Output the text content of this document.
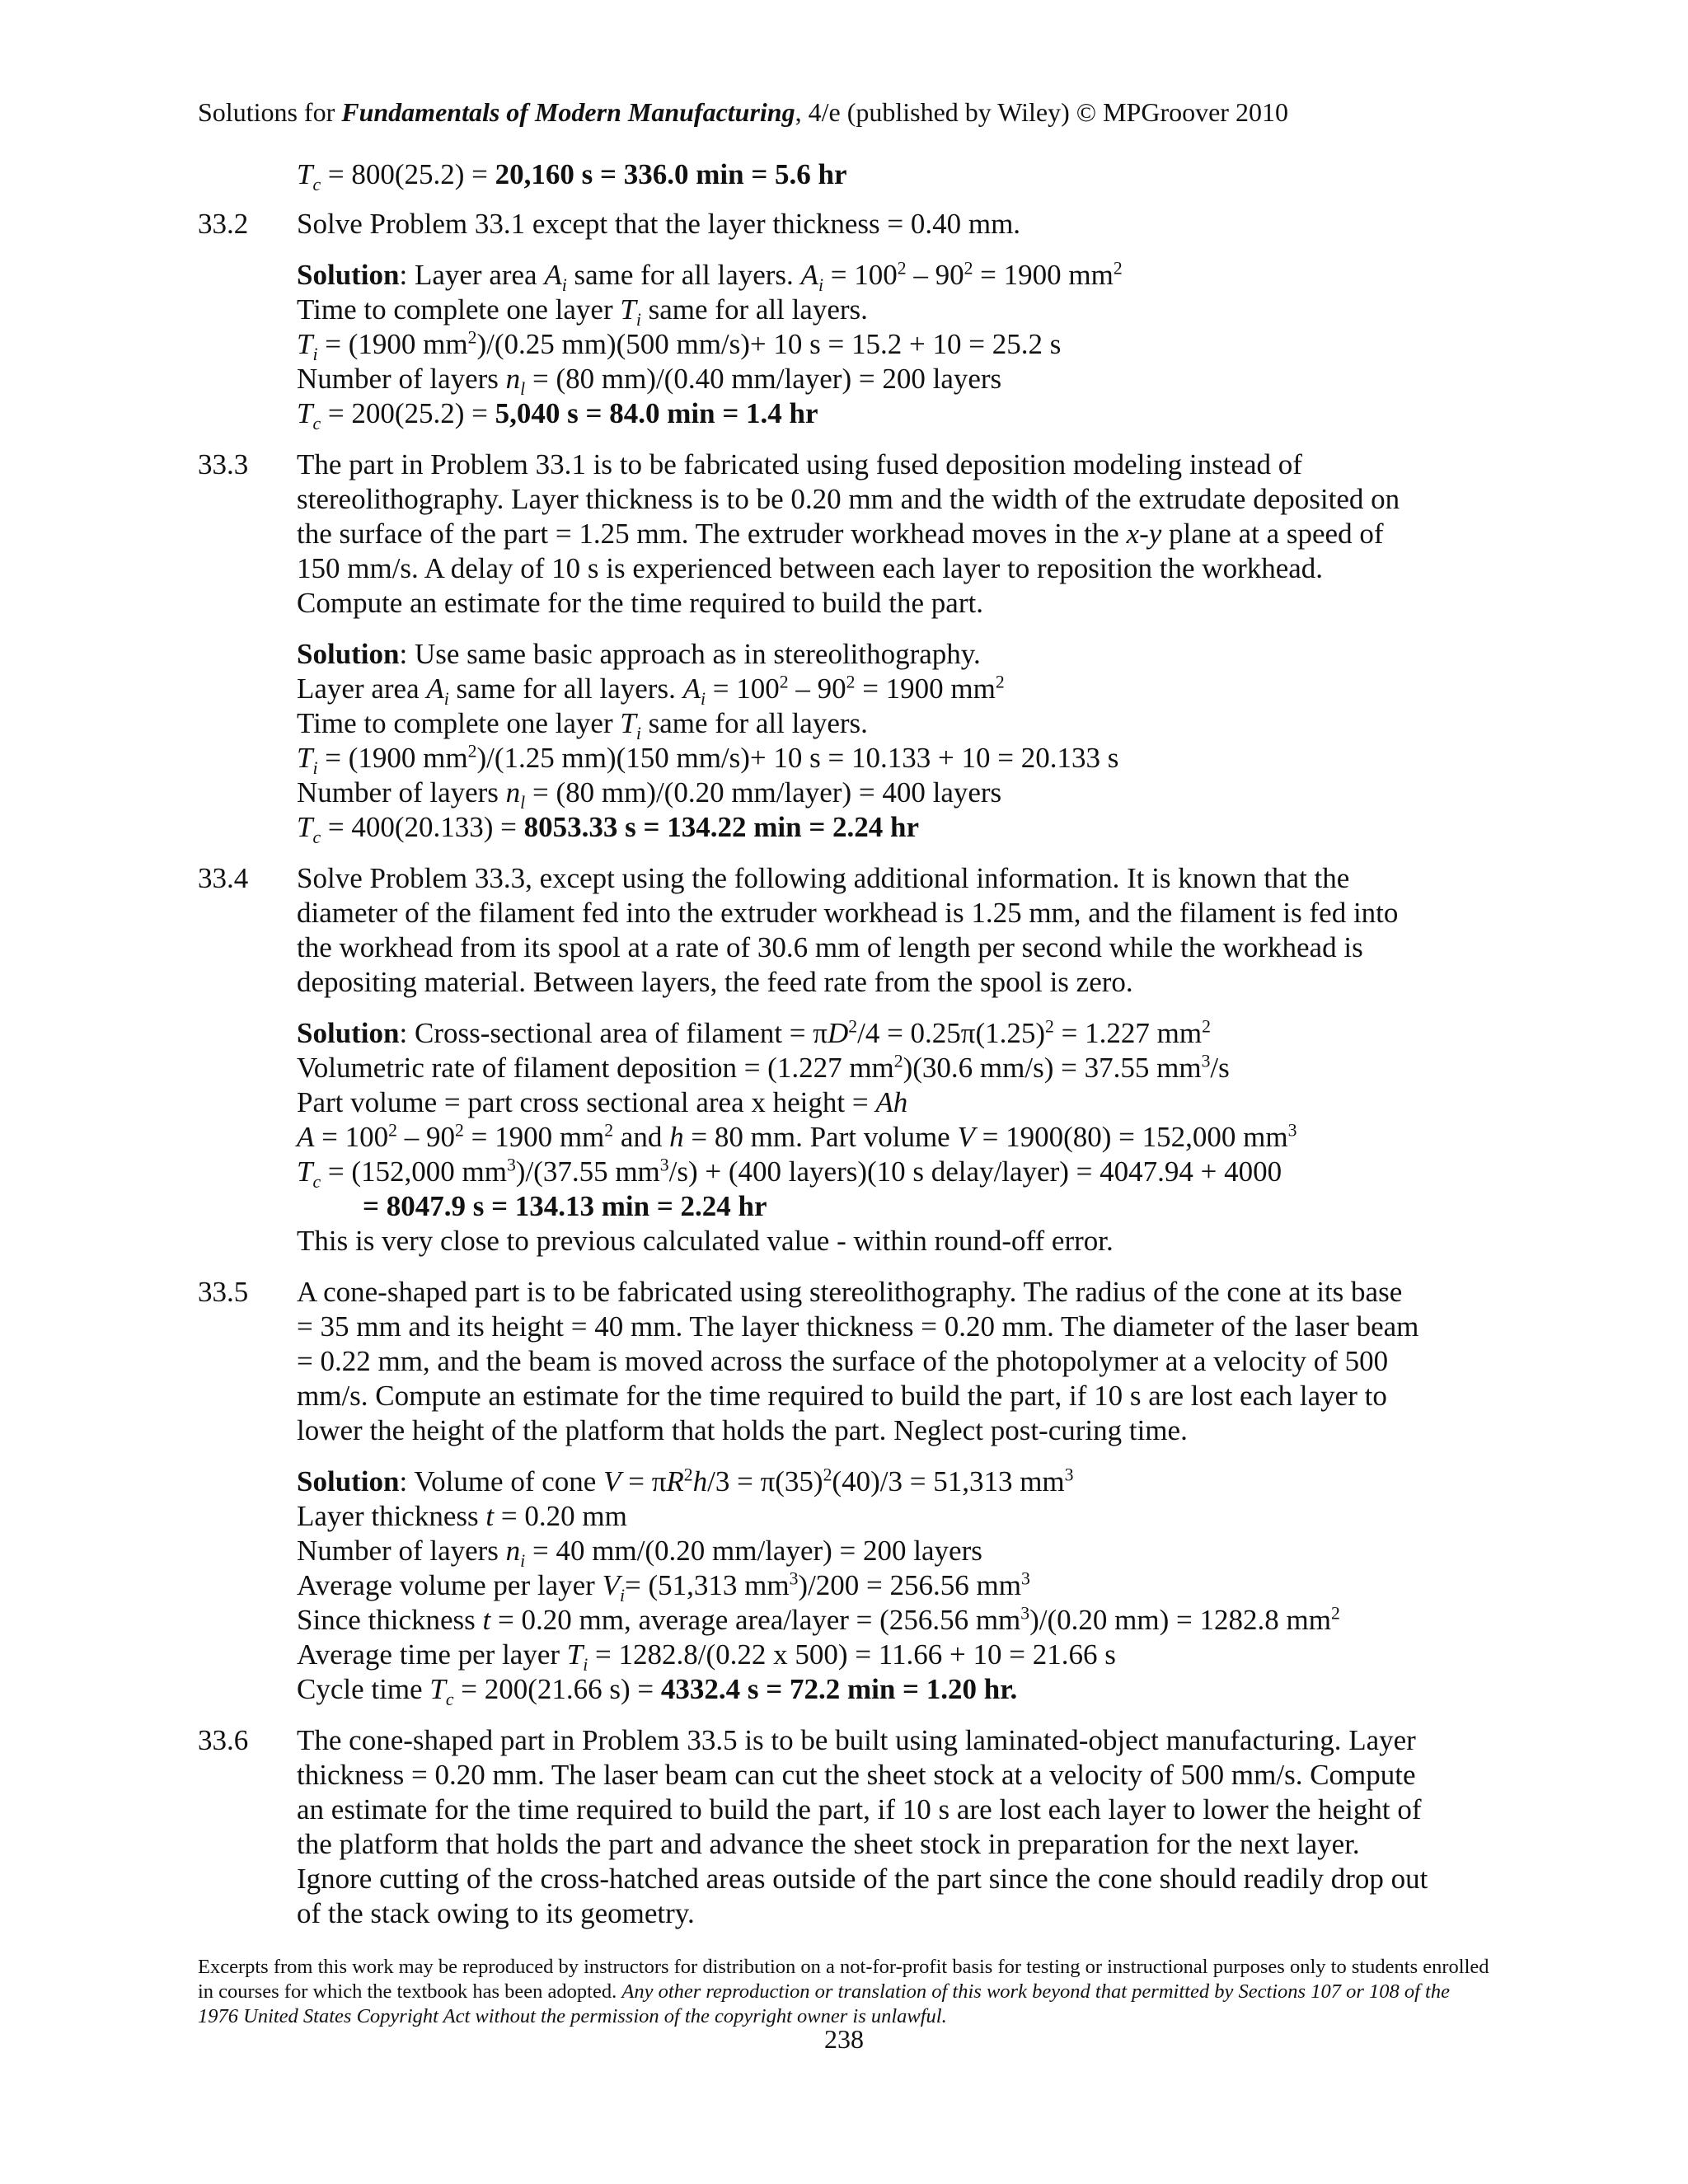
Solutions for Fundamentals of Modern Manufacturing, 4/e (published by Wiley) © MPGroover 2010
$T_c = 800(25.2) = 20,160$ s = 336.0 min = 5.6 hr
33.2 Solve Problem 33.1 except that the layer thickness = 0.40 mm.
Solution: Layer area $A_i$ same for all layers. $A_i = 100^2 - 90^2 = 1900$ $mm^2$
Time to complete one layer $T_i$ same for all layers.
$T_i = (1900$ $mm^2)/(0.25$ mm)(500 mm/s)+ 10 s = 15.2 + 10 = 25.2 s
Number of layers $n_l = (80$ mm)/(0.40 mm/layer) = 200 layers
$T_c = 200(25.2) = 5,040$ s = 84.0 min = 1.4 hr
33.3 The part in Problem 33.1 is to be fabricated using fused deposition modeling instead of
stereolithography. Layer thickness is to be 0.20 mm and the width of the extrudate deposited on
the surface of the part = 1.25 mm. The extruder workhead moves in the x-y plane at a speed of
150 mm/s. A delay of 10 s is experienced between each layer to reposition the workhead.
Compute an estimate for the time required to build the part.
Solution: Use same basic approach as in stereolithography.
Layer area $A_i$ same for all layers. $A_i = 100^2 - 90^2 = 1900$ $mm^2$
Time to complete one layer $T_i$ same for all layers.
$T_i = (1900$ $mm^2)/(1.25$ mm)(150 mm/s)+ 10 s = 10.133 + 10 = 20.133 s
Number of layers $n_l = (80$ mm)/(0.20 mm/layer) = 400 layers
$T_c = 400(20.133) = 8053.33$ s = 134.22 min = 2.24 hr
33.4 Solve Problem 33.3, except using the following additional information. It is known that the
diameter of the filament fed into the extruder workhead is 1.25 mm, and the filament is fed into
the workhead from its spool at a rate of 30.6 mm of length per second while the workhead is
depositing material. Between layers, the feed rate from the spool is zero.
Solution: Cross-sectional area of filament = $\pi D^2/4 = 0.25\pi(1.25)^2 = 1.227$ $mm^2$
Volumetric rate of filament deposition = (1.227 $mm^2)(30.6$ mm/s) = 37.55 $mm^3/s$
Part volume = part cross sectional area x height = Ah
$A = 100^2 - 90^2 = 1900$ $mm^2$ and h = 80 mm. Part volume V = 1900(80) = 152,000 $mm^3$
$T_c = (152,000$ $mm^3)/(37.55$ $mm^3/s) + (400$ layers)(10 s delay/layer) = 4047.94 + 4000
= 8047.9 s = 134.13 min = 2.24 hr
This is very close to previous calculated value - within round-off error.
33.5 A cone-shaped part is to be fabricated using stereolithography. The radius of the cone at its base
= 35 mm and its height = 40 mm. The layer thickness = 0.20 mm. The diameter of the laser beam
= 0.22 mm, and the beam is moved across the surface of the photopolymer at a velocity of 500
mm/s. Compute an estimate for the time required to build the part, if 10 s are lost each layer to
lower the height of the platform that holds the part. Neglect post-curing time.
Solution: Volume of cone $V = \pi R^2h/3 = \pi(35)^2(40)/3 = 51,313$ $mm^3$
Layer thickness t = 0.20 mm
Number of layers $n_i = 40$ mm/(0.20 mm/layer) = 200 layers
Average volume per layer $V_i= (51,313$ $mm^3)/200 = 256.56$ $mm^3$
Since thickness t = 0.20 mm, average area/layer = (256.56 $mm^3)/(0.20$ mm) = 1282.8 $mm^2$
Average time per layer $T_i = 1282.8/(0.22$ x 500) = 11.66 + 10 = 21.66 s
Cycle time $T_c = 200(21.66$ s) = 4332.4 s = 72.2 min = 1.20 hr.
33.6 The cone-shaped part in Problem 33.5 is to be built using laminated-object manufacturing. Layer
thickness = 0.20 mm. The laser beam can cut the sheet stock at a velocity of 500 mm/s. Compute
an estimate for the time required to build the part, if 10 s are lost each layer to lower the height of
the platform that holds the part and advance the sheet stock in preparation for the next layer.
Ignore cutting of the cross-hatched areas outside of the part since the cone should readily drop out
of the stack owing to its geometry.
Excerpts from this work may be reproduced by instructors for distribution on a not-for-profit basis for testing or instructional purposes only to students enrolled in courses for which the textbook has been adopted. Any other reproduction or translation of this work beyond that permitted by Sections 107 or 108 of the 1976 United States Copyright Act without the permission of the copyright owner is unlawful.
238
